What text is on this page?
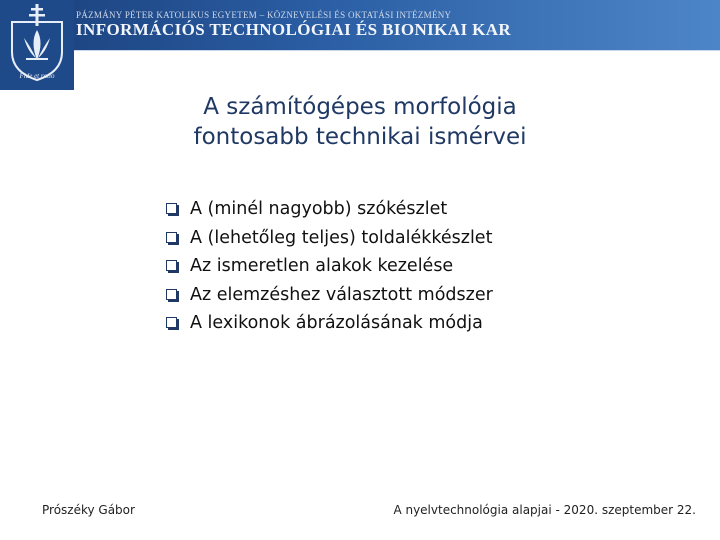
Fide et ratio
PÁZMÁNY PÉTER KATOLIKUS EGYETEM – KÖZNEVELÉSI ÉS OKTATÁSI INTÉZMÉNY
INFORMÁCIÓS TECHNOLÓGIAI ÉS BIONIKAI KAR
A számítógépes morfológia
fontosabb technikai ismérvei
A (minél nagyobb) szókészlet
A (lehetőleg teljes) toldalékkészlet
Az ismeretlen alakok kezelése
Az elemzéshez választott módszer
A lexikonok ábrázolásának módja
Prószéky Gábor	A nyelvtechnológia alapjai - 2020. szeptember 22.
